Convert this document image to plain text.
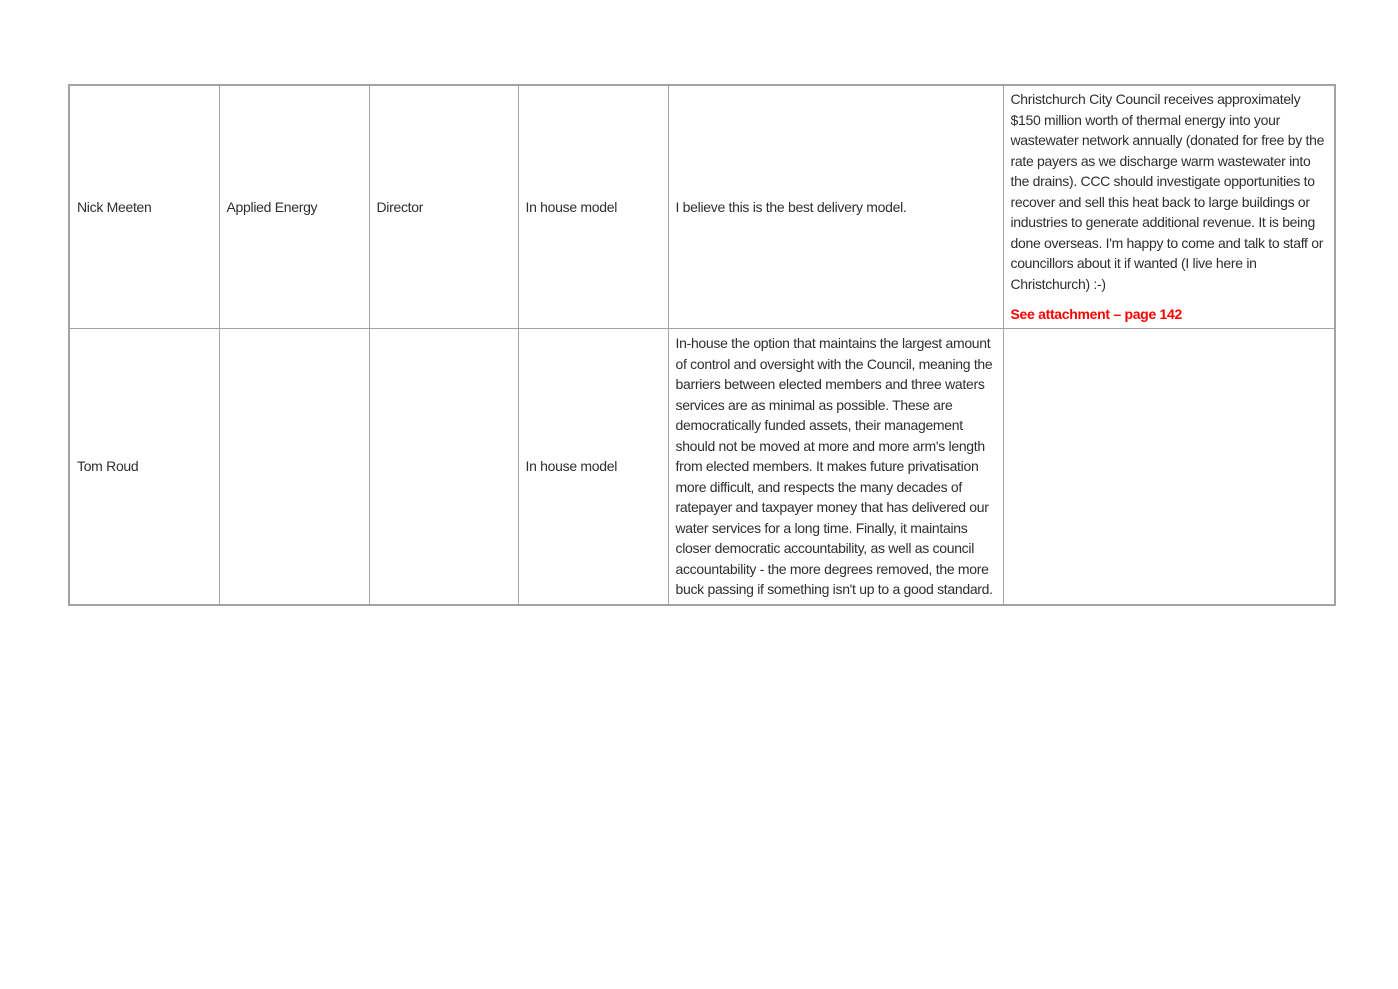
Nick Meeten	Applied Energy	Director	In house model	I believe this is the best delivery model.	Christchurch City Council receives approximately $150 million worth of thermal energy into your wastewater network annually (donated for free by the rate payers as we discharge warm wastewater into the drains). CCC should investigate opportunities to recover and sell this heat back to large buildings or industries to generate additional revenue. It is being done overseas. I'm happy to come and talk to staff or councillors about it if wanted (I live here in Christchurch) :-)

See attachment – page 142

Tom Roud			In house model	In-house the option that maintains the largest amount of control and oversight with the Council, meaning the barriers between elected members and three waters services are as minimal as possible. These are democratically funded assets, their management should not be moved at more and more arm's length from elected members. It makes future privatisation more difficult, and respects the many decades of ratepayer and taxpayer money that has delivered our water services for a long time. Finally, it maintains closer democratic accountability, as well as council accountability - the more degrees removed, the more buck passing if something isn't up to a good standard.	
